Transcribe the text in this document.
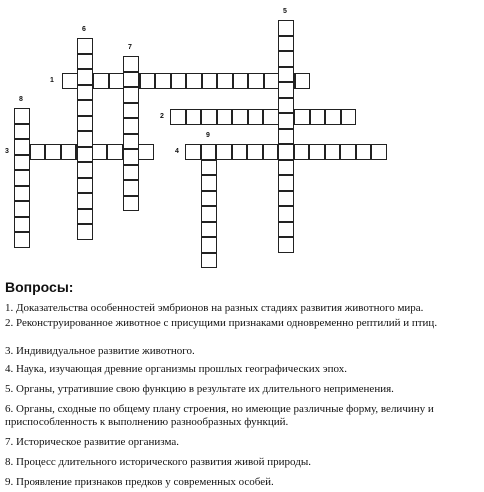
1
2
3	4
5
6
7
8
9
Вопросы:
1. Доказательства особенностей эмбрионов на разных стадиях развития животного мира.
2. Реконструированное животное с присущими признаками одновременно рептилий и птиц.
3. Индивидуальное развитие животного.
4. Наука, изучающая древние организмы прошлых географических эпох.
5. Органы, утратившие свою функцию в результате их длительного неприменения.
6. Органы, сходные по общему плану строения, но имеющие различные форму, величину и приспособленность к выполнению разнообразных функций.
7. Историческое развитие организма.
8. Процесс длительного исторического развития живой природы.
9. Проявление признаков предков у современных особей.
